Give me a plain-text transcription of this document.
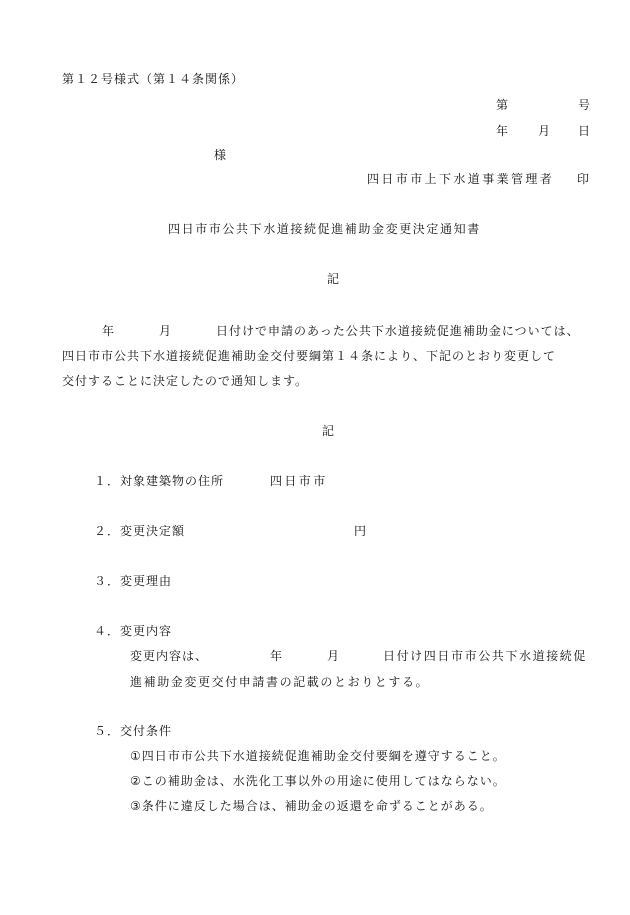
第１２号様式（第１４条関係）
第	号
年 月 日
様
四日市市上下水道事業管理者 印
四日市市公共下水道接続促進補助金変更決定通知書
記
年	月	日付けで申請のあった公共下水道接続促進補助金については、
四日市市公共下水道接続促進補助金交付要綱第１４条により、下記のとおり変更して
交付することに決定したので通知します。
記
１．対象建築物の住所	四日市市
２．変更決定額	円
３．変更理由
４．変更内容
変更内容は、	年	月	日付け四日市市公共下水道接続促
進補助金変更交付申請書の記載のとおりとする。
５．交付条件
①四日市市公共下水道接続促進補助金交付要綱を遵守すること。
②この補助金は、水洗化工事以外の用途に使用してはならない。
③条件に違反した場合は、補助金の返還を命ずることがある。
